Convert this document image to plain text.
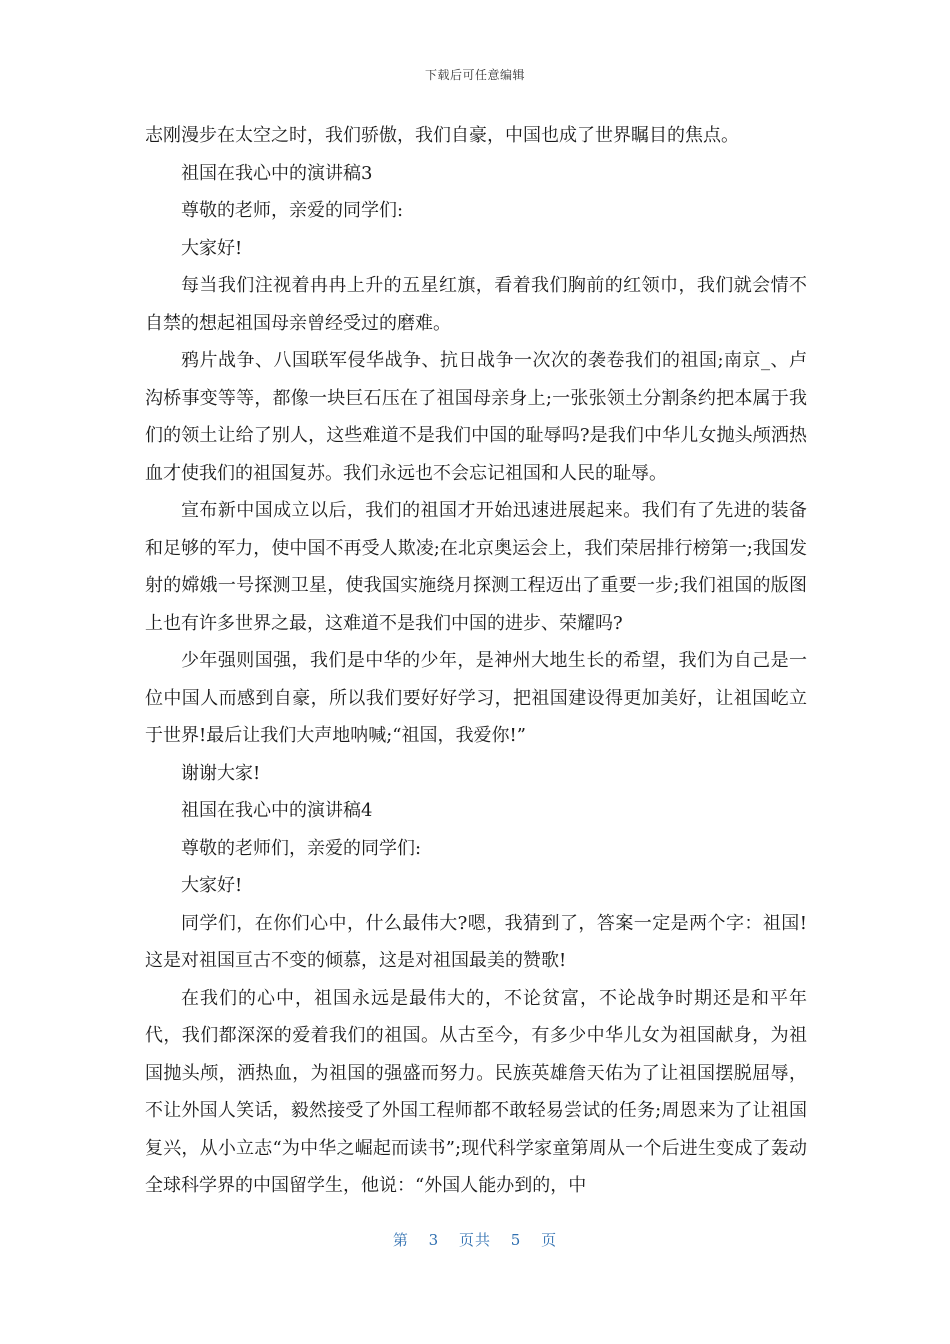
下载后可任意编辑

志刚漫步在太空之时，我们骄傲，我们自豪，中国也成了世界瞩目的焦点。

祖国在我心中的演讲稿3

尊敬的老师，亲爱的同学们:

大家好!

每当我们注视着冉冉上升的五星红旗，看着我们胸前的红领巾，我们就会情不自禁的想起祖国母亲曾经受过的磨难。

鸦片战争、八国联军侵华战争、抗日战争一次次的袭卷我们的祖国;南京_、卢沟桥事变等等，都像一块巨石压在了祖国母亲身上;一张张领土分割条约把本属于我们的领土让给了别人，这些难道不是我们中国的耻辱吗?是我们中华儿女抛头颅洒热血才使我们的祖国复苏。我们永远也不会忘记祖国和人民的耻辱。

宣布新中国成立以后，我们的祖国才开始迅速进展起来。我们有了先进的装备和足够的军力，使中国不再受人欺凌;在北京奥运会上，我们荣居排行榜第一;我国发射的嫦娥一号探测卫星，使我国实施绕月探测工程迈出了重要一步;我们祖国的版图上也有许多世界之最，这难道不是我们中国的进步、荣耀吗?

少年强则国强，我们是中华的少年，是神州大地生长的希望，我们为自己是一位中国人而感到自豪，所以我们要好好学习，把祖国建设得更加美好，让祖国屹立于世界!最后让我们大声地呐喊;“祖国，我爱你!”

谢谢大家!

祖国在我心中的演讲稿4

尊敬的老师们，亲爱的同学们:

大家好!

同学们，在你们心中，什么最伟大?嗯，我猜到了，答案一定是两个字：祖国!这是对祖国亘古不变的倾慕，这是对祖国最美的赞歌!

在我们的心中，祖国永远是最伟大的，不论贫富，不论战争时期还是和平年代，我们都深深的爱着我们的祖国。从古至今，有多少中华儿女为祖国献身，为祖国抛头颅，洒热血，为祖国的强盛而努力。民族英雄詹天佑为了让祖国摆脱屈辱，不让外国人笑话，毅然接受了外国工程师都不敢轻易尝试的任务;周恩来为了让祖国复兴，从小立志“为中华之崛起而读书”;现代科学家童第周从一个后进生变成了轰动全球科学界的中国留学生，他说：“外国人能办到的，中

第 3 页共 5 页
